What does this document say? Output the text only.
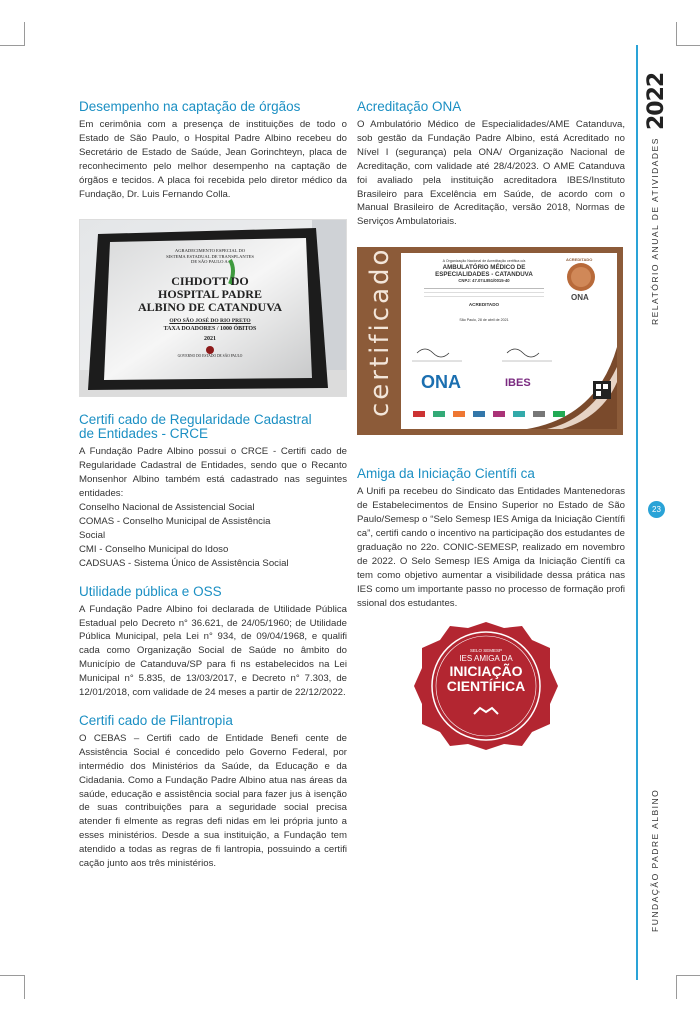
Desempenho na captação de órgãos

Em cerimônia com a presença de instituições de todo o Estado de São Paulo, o Hospital Padre Albino recebeu do Secretário de Estado de Saúde, Jean Gorinchteyn, placa de reconhecimento pelo melhor desempenho na captação de órgãos e tecidos. A placa foi recebida pelo diretor médico da Fundação, Dr. Luis Fernando Colla.

AGRADECIMENTO ESPECIAL DO
SISTEMA ESTADUAL DE TRANSPLANTES
DE SÃO PAULO A:
CIHDOTT DO
HOSPITAL PADRE
ALBINO DE CATANDUVA
OPO SÃO JOSÉ DO RIO PRETO
TAXA DOADORES / 1000 ÓBITOS
2021
GOVERNO DO ESTADO DE SÃO PAULO
Certifi cado de Regularidade Cadastral
de Entidades - CRCE

A Fundação Padre Albino possui o CRCE - Certifi cado de Regularidade Cadastral de Entidades, sendo que o Recanto Monsenhor Albino também está cadastrado nas seguintes entidades:

Conselho Nacional de Assistencial Social
COMAS - Conselho Municipal de Assistência
Social
CMI - Conselho Municipal do Idoso
CADSUAS - Sistema Único de Assistência Social
Utilidade pública e OSS

A Fundação Padre Albino foi declarada de Utilidade Pública Estadual pelo Decreto n° 36.621, de 24/05/1960; de Utilidade Pública Municipal, pela Lei n° 934, de 09/04/1968, e qualifi cada como Organização Social de Saúde no âmbito do Município de Catanduva/SP para fi ns estabelecidos na Lei Municipal n° 5.835, de 13/03/2017, e Decreto n° 7.303, de 12/01/2018, com validade de 24 meses a partir de 22/12/2022.

Certifi cado de Filantropia

O CEBAS – Certifi cado de Entidade Benefi cente de Assistência Social é concedido pelo Governo Federal, por intermédio dos Ministérios da Saúde, da Educação e da Cidadania. Como a Fundação Padre Albino atua nas áreas da saúde, educação e assistência social para fazer jus à isenção de suas contribuições para a seguridade social precisa atender fi elmente as regras defi nidas em lei própria junto a esses ministérios. Desde a sua instituição, a Fundação tem atendido a todas as regras de fi lantropia, possuindo a certifi cação junto aos três ministérios.

Acreditação ONA

O Ambulatório Médico de Especialidades/AME Catanduva, sob gestão da Fundação Padre Albino, está Acreditado no Nível I (segurança) pela ONA/ Organização Nacional de Acreditação, com validade até 28/4/2023. O AME Catanduva foi avaliado pela instituição acreditadora IBES/Instituto Brasileiro para Excelência em Saúde, de acordo com o Manual Brasileiro de Acreditação, versão 2018, Normas de Serviços Ambulatoriais.

certificado	A Organização Nacional de Acreditação certifica o/a
AMBULATÓRIO MÉDICO DE
ESPECIALIDADES - CATANDUVA
CNPJ: 47.074.851/0015-40
ACREDITADO
São Paulo, 28 de abril de 2021
ACREDITADO
ONA
ONA	IBES
Amiga da Iniciação Científi ca

A Unifi pa recebeu do Sindicato das Entidades Mantenedoras de Estabelecimentos de Ensino Superior no Estado de São Paulo/Semesp o “Selo Semesp IES Amiga da Iniciação Científi ca”, certifi cando o incentivo na participação dos estudantes de graduação no 22o. CONIC-SEMESP, realizado em novembro de 2022. O Selo Semesp IES Amiga da Iniciação Científi ca tem como objetivo aumentar a visibilidade dessa prática nas IES como um importante passo no processo de formação profi ssional dos estudantes.

SELO SEMESP
IES AMIGA DA
INICIAÇÃO
CIENTÍFICA
2022
RELATÓRIO ANUAL DE ATIVIDADES
23
FUNDAÇÃO PADRE ALBINO
